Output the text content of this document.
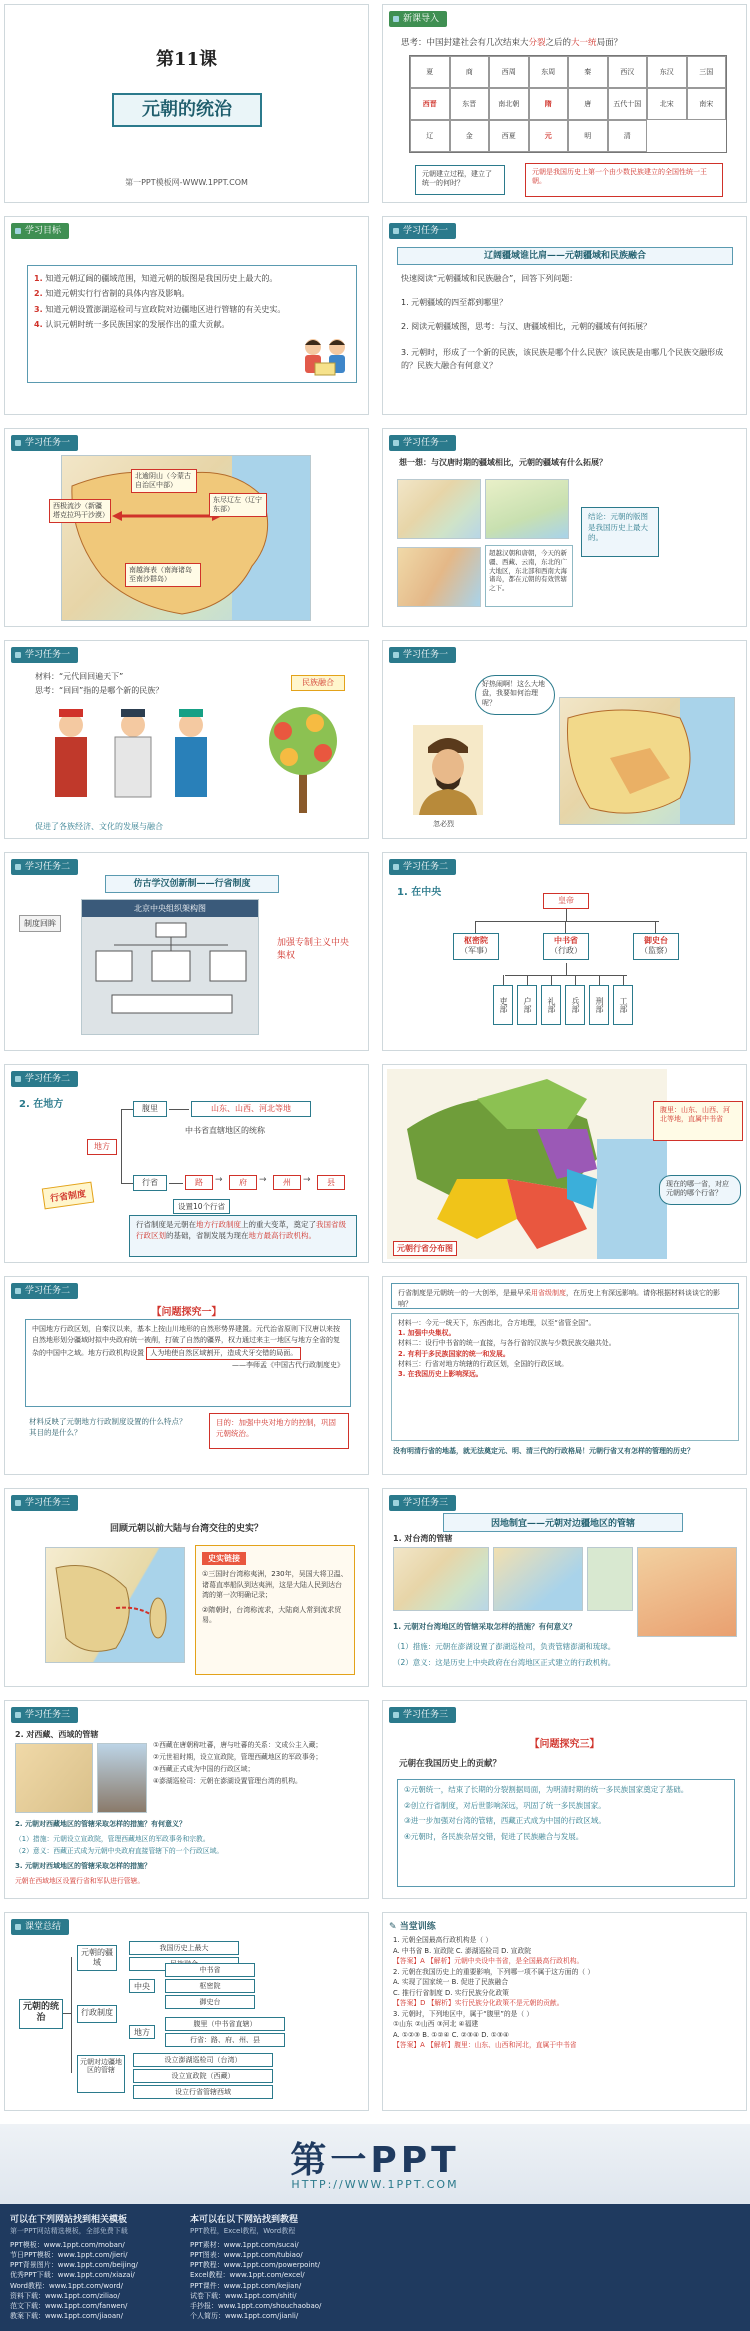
第11课
元朝的统治
第一PPT模板网-WWW.1PPT.COM
新课导入
思考：中国封建社会有几次结束大分裂之后的大一统局面？
夏	商	西周	东周	秦	西汉	东汉	三国
西晋	东晋	南北朝	隋	唐	五代十国	北宋	南宋
辽	金	西夏	元	明	清
元朝建立过程，建立了统一的何时？
元朝是我国历史上第一个由少数民族建立的全国性统一王朝。
学习目标
1. 知道元朝辽阔的疆域范围，知道元朝的版图是我国历史上最大的。
2. 知道元朝实行行省制的具体内容及影响。
3. 知道元朝设置澎湖巡检司与宣政院对边疆地区进行管辖的有关史实。
4. 认识元朝时统一多民族国家的发展作出的重大贡献。
学习任务一
辽阔疆域谁比肩——元朝疆域和民族融合
快速阅读“元朝疆域和民族融合”，回答下列问题：
1. 元朝疆域的四至都到哪里？
2. 阅读元朝疆域图，思考：与汉、唐疆域相比，元朝的疆域有何拓展？
3. 元朝时，形成了一个新的民族，该民族是哪个什么民族？该民族是由哪几个民族交融形成的？民族大融合有何意义？
学习任务一
北逾阴山（今蒙古自治区中部）
西极流沙（新疆塔克拉玛干沙漠）
东尽辽左（辽宁东部）
南越海表（南海诸岛至南沙群岛）
学习任务一
想一想：与汉唐时期的疆域相比，元朝的疆域有什么拓展？
超越汉朝和唐朝，今天的新疆、西藏、云南，东北的广大地区，东北部和西南大海诸岛，都在元朝的有效管辖之下。
结论：元朝的版图是我国历史上最大的。
学习任务一
材料：“元代回回遍天下”
思考：“回回”指的是哪个新的民族？
民族融合
促进了各族经济、文化的发展与融合
学习任务一
好热闹啊！这么大地盘，我要如何治理呢？
忽必烈
学习任务二
仿古学汉创新制——行省制度
制度回眸
北京中央组织架构图
加强专制主义中央集权
学习任务二
1. 在中央
皇帝
枢密院
（军事）
中书省
（行政）
御史台
（监察）
吏部	户部	礼部	兵部	刑部	工部
学习任务二
2. 在地方
地方
腹里	山东、山西、河北等地
中书省直辖地区的统称
行省	路	→	府	→	州	→	县
设置10个行省
行省制度
行省制度是元朝在地方行政制度上的重大变革，奠定了我国省级行政区划的基础，省制发展为现在地方最高行政机构。
元朝行省分布图
腹里：山东、山西、河北等地，直属中书省
现在的哪一省，对应元朝的哪个行省？
学习任务二
【问题探究一】
中国地方行政区划，自秦汉以来，基本上按山川地形的自然形势界建置。元代治省原则下汉唐以来按自然地形划分疆域时拟中央政府统一被削，打破了自然的疆界，权力通过来主一地区与地方全省的复杂的中国中之域。地方行政机构设置 人为地使自然区域割开，造成犬牙交错的局面。
——李师孟《中国古代行政制度史》
材料反映了元朝地方行政制度设置的什么特点？其目的是什么？
目的：加强中央对地方的控制，巩固元朝统治。
行省制度是元朝统一的一大创举，是最早采用省级制度，在历史上有深远影响。请你根据材料谈谈它的影响？
材料一：今元一统天下，东西南北，合方地理，以至“省管全国”。
1. 加强中央集权。
材料二：设行中书省的统一直接，与各行省的汉族与少数民族交融共处。
2. 有利于多民族国家的统一和发展。
材料三：行省对地方统辖的行政区划，全国的行政区域。
3. 在我国历史上影响深远。
没有明清行省的地基，就无法奠定元、明、清三代的行政格局！元朝行省又有怎样的管理的历史？
学习任务三
回顾元朝以前大陆与台湾交往的史实？
史实链接
①三国时台湾称夷洲，230年，吴国大将卫温、诸葛直率船队到达夷洲，这是大陆人民到达台湾的第一次明确记录；
②隋朝时，台湾称流求，大陆商人常到流求贸易。
学习任务三
因地制宜——元朝对边疆地区的管辖
1. 对台湾的管辖
1. 元朝对台湾地区的管辖采取怎样的措施？有何意义？
（1）措施：元朝在澎湖设置了澎湖巡检司，负责管辖澎湖和琉球。
（2）意义：这是历史上中央政府在台湾地区正式建立的行政机构。
学习任务三
2. 对西藏、西域的管辖
①西藏在唐朝称吐蕃，唐与吐蕃的关系：文成公主入藏；
②元世祖时期，设立宣政院，管理西藏地区的军政事务；
③西藏正式成为中国的行政区域；
④澎湖巡检司：元朝在澎湖设置管理台湾的机构。
2. 元朝对西藏地区的管辖采取怎样的措施？有何意义？
（1）措施：元朝设立宣政院，管理西藏地区的军政事务和宗教。
（2）意义：西藏正式成为元朝中央政府直接管辖下的一个行政区域。
3. 元朝对西域地区的管辖采取怎样的措施？
元朝在西域地区设置行省和军队进行管辖。
学习任务三
【问题探究三】
元朝在我国历史上的贡献？
①元朝统一，结束了长期的分裂割据局面，为明清时期的统一多民族国家奠定了基础。
②创立行省制度，对后世影响深远，巩固了统一多民族国家。
③进一步加强对台湾的管辖，西藏正式成为中国的行政区域。
④元朝时，各民族杂居交错，促进了民族融合与发展。
课堂总结
元朝的统治
元朝的疆域
我国历史上最大
行政制度
中央
中书省
枢密院
御史台
地方
腹里（中书省直辖）
行省：路、府、州、县
元朝对边疆地区的管辖
设立澎湖巡检司（台湾）
设立宣政院（西藏）
设立行省管辖西域
✎ 当堂训练
1. 元朝全国最高行政机构是（ ）
A. 中书省 B. 宣政院 C. 澎湖巡检司 D. 宣政院
【答案】A 【解析】元朝中央设中书省，是全国最高行政机构。
2. 元朝在我国历史上的重要影响，下列哪一项不属于这方面的（ ）
A. 实现了国家统一 B. 促进了民族融合
C. 推行行省制度 D. 实行民族分化政策
【答案】D 【解析】实行民族分化政策不是元朝的贡献。
3. 元朝时，下列地区中，属于“腹里”的是（ ）
①山东 ②山西 ③河北 ④福建
A. ①②③ B. ①②④ C. ②③④ D. ①③④
【答案】A 【解析】腹里：山东、山西和河北，直属于中书省
第一PPT
HTTP://WWW.1PPT.COM
可以在下列网站找到相关模板
第一PPT网站精选模板，全部免费下载
PPT模板：www.1ppt.com/moban/
节日PPT模板：www.1ppt.com/jieri/
PPT背景图片：www.1ppt.com/beijing/
优秀PPT下载：www.1ppt.com/xiazai/
Word教程：www.1ppt.com/word/
资料下载：www.1ppt.com/ziliao/
范文下载：www.1ppt.com/fanwen/
教案下载：www.1ppt.com/jiaoan/
本可以在以下网站找到教程
PPT教程，Excel教程，Word教程
PPT素材：www.1ppt.com/sucai/
PPT图表：www.1ppt.com/tubiao/
PPT教程：www.1ppt.com/powerpoint/
Excel教程：www.1ppt.com/excel/
PPT课件：www.1ppt.com/kejian/
试卷下载：www.1ppt.com/shiti/
手抄报：www.1ppt.com/shouchaobao/
个人简历：www.1ppt.com/jianli/
